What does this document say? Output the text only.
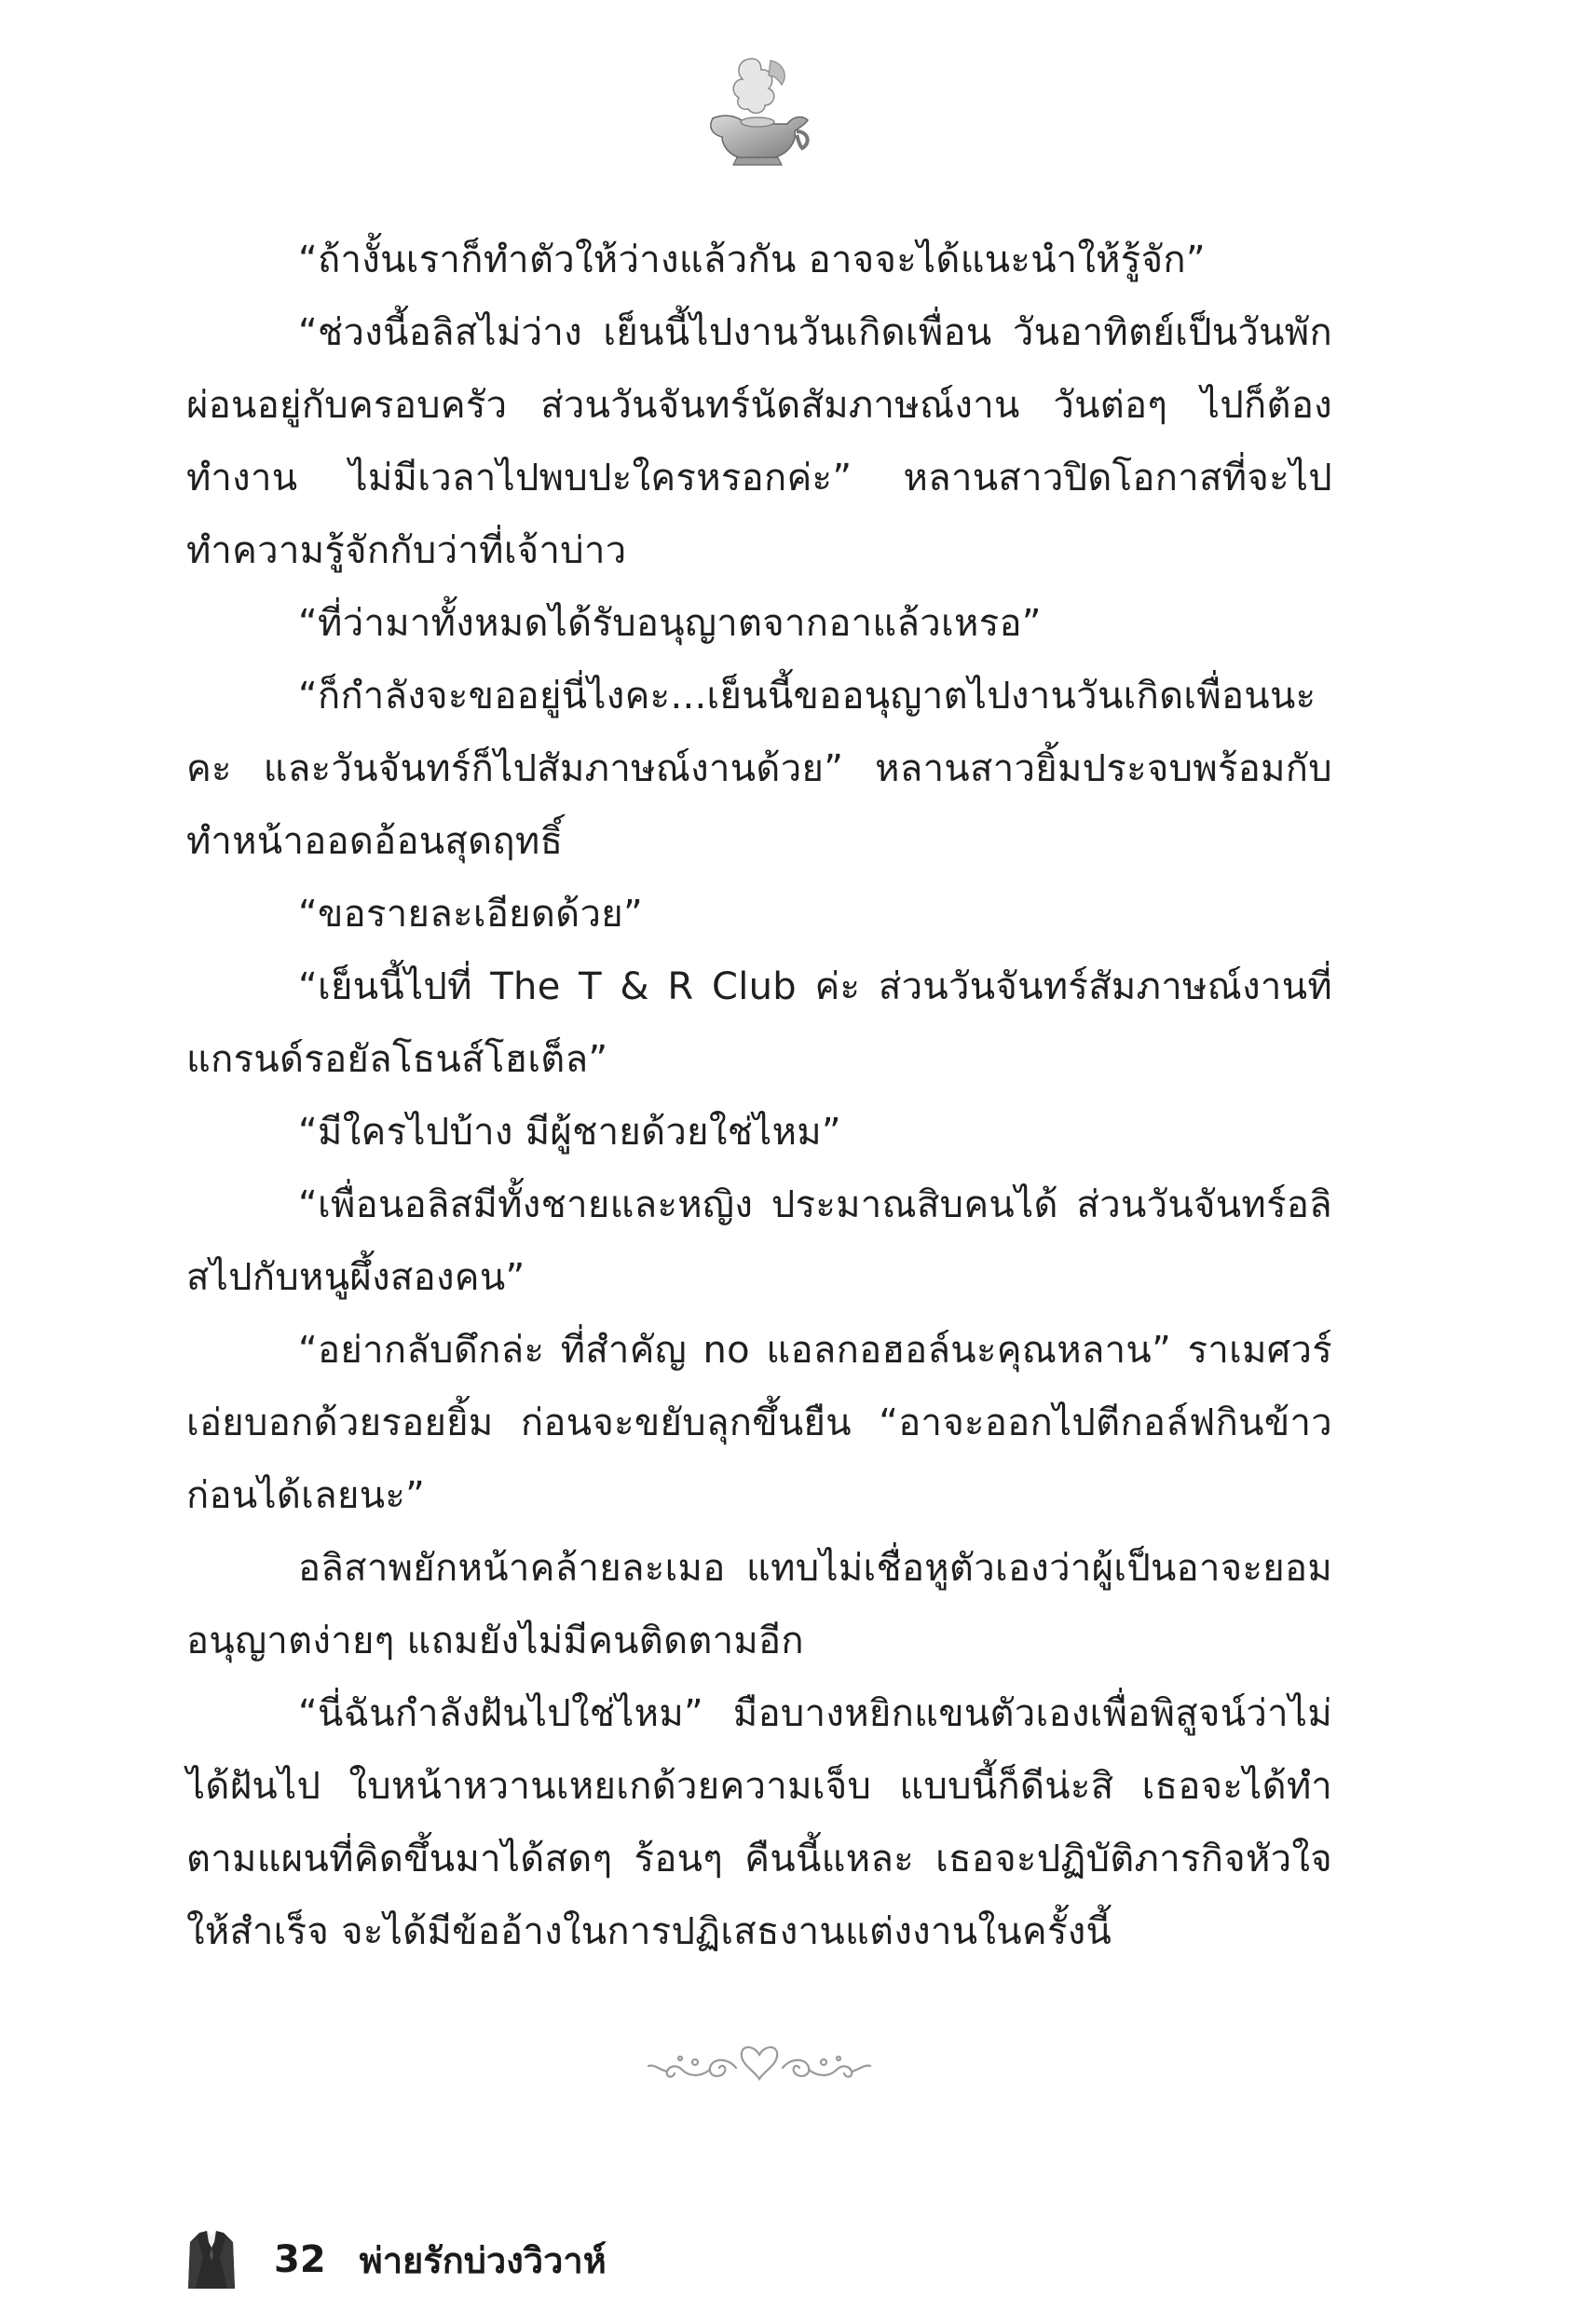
“ถ้างั้นเราก็ทำตัวให้ว่างแล้วกัน อาจจะได้แนะนำให้รู้จัก”

“ช่วงนี้อลิสไม่ว่าง เย็นนี้ไปงานวันเกิดเพื่อน วันอาทิตย์เป็นวันพักผ่อนอยู่กับครอบครัว ส่วนวันจันทร์นัดสัมภาษณ์งาน วันต่อๆ ไปก็ต้องทำงาน ไม่มีเวลาไปพบปะใครหรอกค่ะ” หลานสาวปิดโอกาสที่จะไปทำความรู้จักกับว่าที่เจ้าบ่าว

“ที่ว่ามาทั้งหมดได้รับอนุญาตจากอาแล้วเหรอ”

“ก็กำลังจะขออยู่นี่ไงคะ...เย็นนี้ขออนุญาตไปงานวันเกิดเพื่อนนะคะ และวันจันทร์ก็ไปสัมภาษณ์งานด้วย” หลานสาวยิ้มประจบพร้อมกับทำหน้าออดอ้อนสุดฤทธิ์

“ขอรายละเอียดด้วย”

“เย็นนี้ไปที่ The T & R Club ค่ะ ส่วนวันจันทร์สัมภาษณ์งานที่ แกรนด์รอยัลโธนส์โฮเต็ล”

“มีใครไปบ้าง มีผู้ชายด้วยใช่ไหม”

“เพื่อนอลิสมีทั้งชายและหญิง ประมาณสิบคนได้ ส่วนวันจันทร์อลิสไปกับหนูผึ้งสองคน”

“อย่ากลับดึกล่ะ ที่สำคัญ no แอลกอฮอล์นะคุณหลาน” ราเมศวร์เอ่ยบอกด้วยรอยยิ้ม ก่อนจะขยับลุกขึ้นยืน “อาจะออกไปตีกอล์ฟกินข้าวก่อนได้เลยนะ”

อลิสาพยักหน้าคล้ายละเมอ แทบไม่เชื่อหูตัวเองว่าผู้เป็นอาจะยอมอนุญาตง่ายๆ แถมยังไม่มีคนติดตามอีก

“นี่ฉันกำลังฝันไปใช่ไหม” มือบางหยิกแขนตัวเองเพื่อพิสูจน์ว่าไม่ได้ฝันไป ใบหน้าหวานเหยเกด้วยความเจ็บ แบบนี้ก็ดีน่ะสิ เธอจะได้ทำตามแผนที่คิดขึ้นมาได้สดๆ ร้อนๆ คืนนี้แหละ เธอจะปฏิบัติภารกิจหัวใจให้สำเร็จ จะได้มีข้ออ้างในการปฏิเสธงานแต่งงานในครั้งนี้

32 พ่ายรักบ่วงวิวาห์
